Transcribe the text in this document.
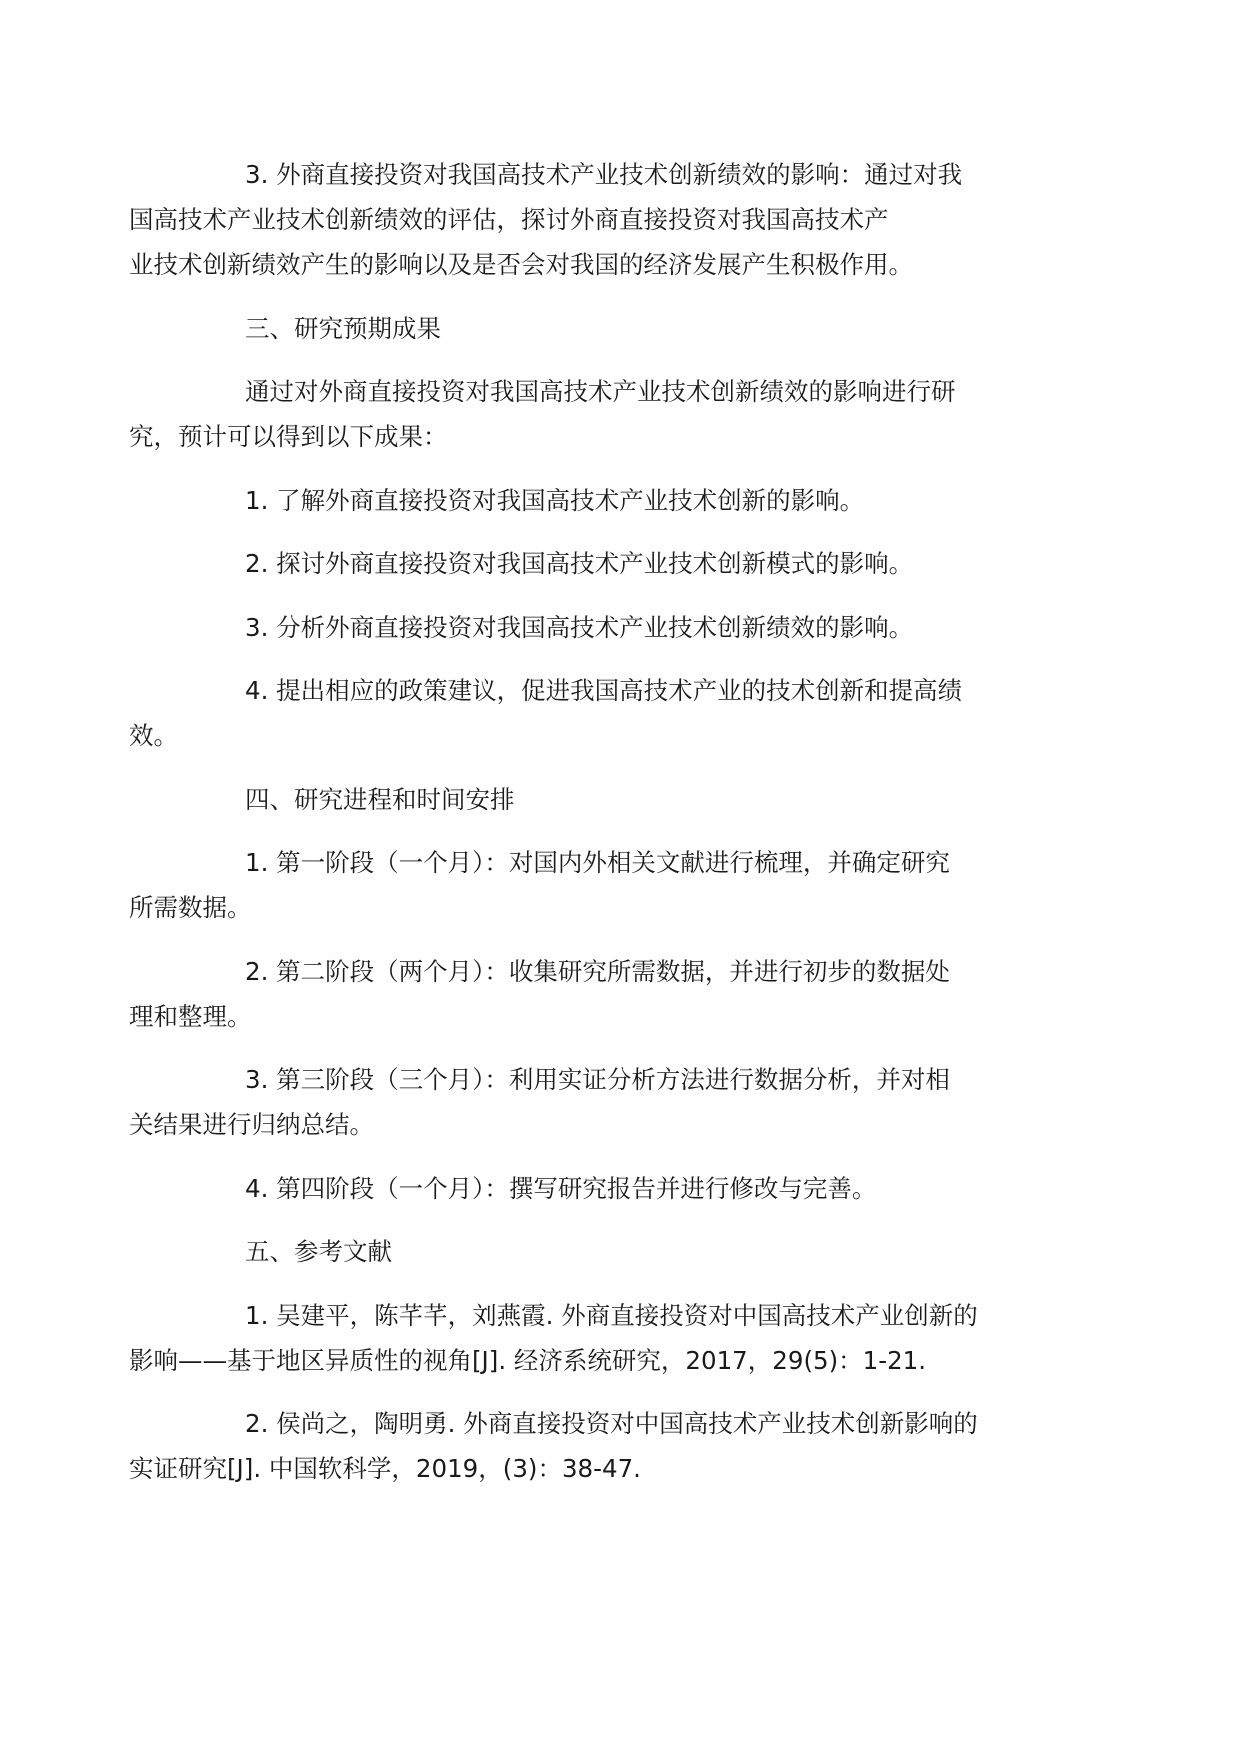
3. 外商直接投资对我国高技术产业技术创新绩效的影响：通过对我
国高技术产业技术创新绩效的评估，探讨外商直接投资对我国高技术产
业技术创新绩效产生的影响以及是否会对我国的经济发展产生积极作用。

三、研究预期成果

通过对外商直接投资对我国高技术产业技术创新绩效的影响进行研
究，预计可以得到以下成果：

1. 了解外商直接投资对我国高技术产业技术创新的影响。

2. 探讨外商直接投资对我国高技术产业技术创新模式的影响。

3. 分析外商直接投资对我国高技术产业技术创新绩效的影响。

4. 提出相应的政策建议，促进我国高技术产业的技术创新和提高绩
效。

四、研究进程和时间安排

1. 第一阶段（一个月）：对国内外相关文献进行梳理，并确定研究
所需数据。

2. 第二阶段（两个月）：收集研究所需数据，并进行初步的数据处
理和整理。

3. 第三阶段（三个月）：利用实证分析方法进行数据分析，并对相
关结果进行归纳总结。

4. 第四阶段（一个月）：撰写研究报告并进行修改与完善。

五、参考文献

1. 吴建平，陈芊芊，刘燕霞. 外商直接投资对中国高技术产业创新的
影响——基于地区异质性的视角[J]. 经济系统研究，2017，29(5)：1-21.

2. 侯尚之，陶明勇. 外商直接投资对中国高技术产业技术创新影响的
实证研究[J]. 中国软科学，2019，(3)：38-47.
